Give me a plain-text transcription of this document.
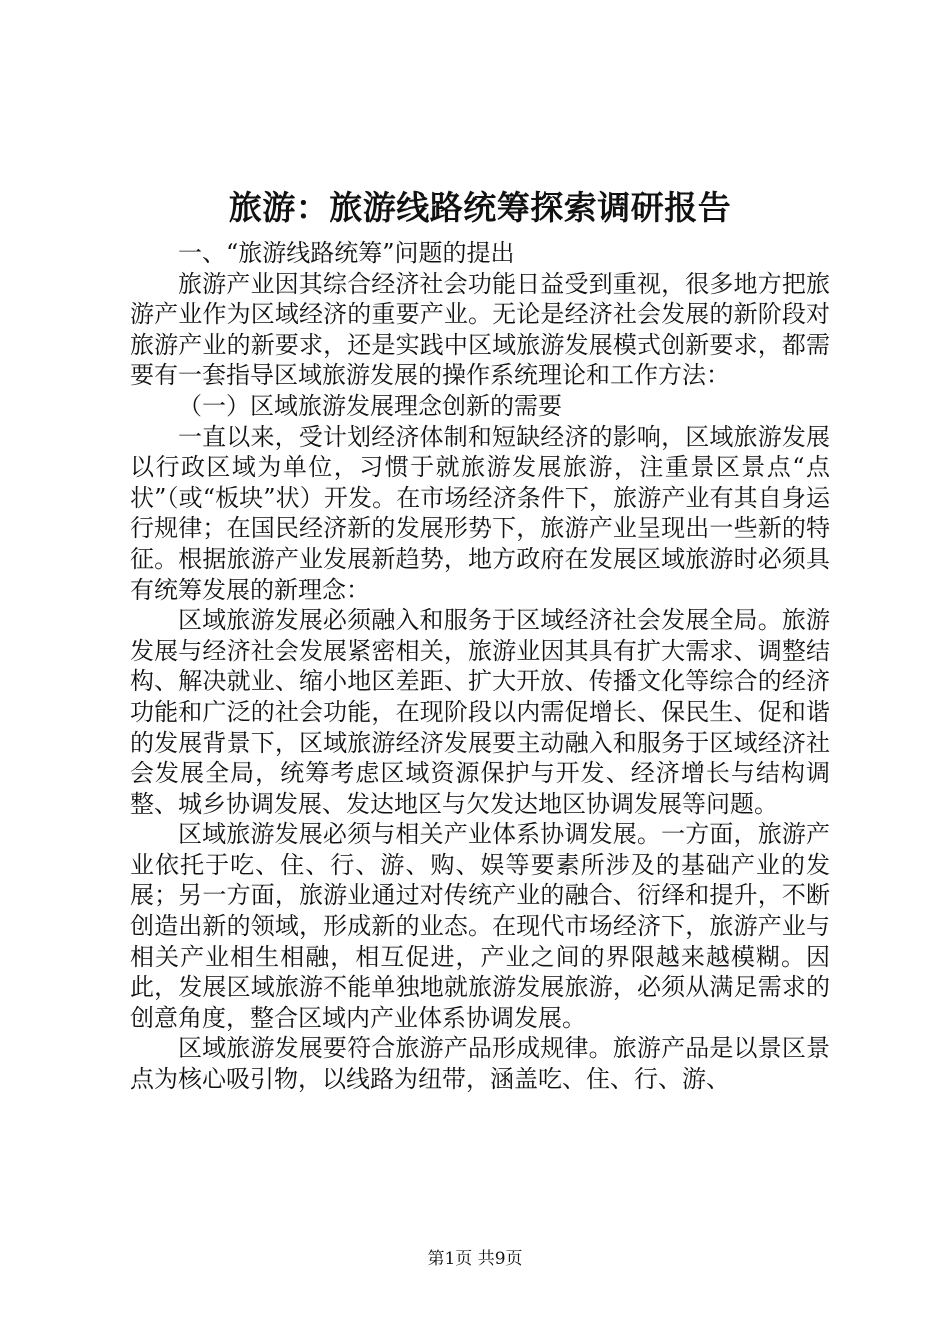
旅游：旅游线路统筹探索调研报告

一、“旅游线路统筹”问题的提出

旅游产业因其综合经济社会功能日益受到重视，很多地方把旅游产业作为区域经济的重要产业。无论是经济社会发展的新阶段对旅游产业的新要求，还是实践中区域旅游发展模式创新要求，都需要有一套指导区域旅游发展的操作系统理论和工作方法：

（一）区域旅游发展理念创新的需要

一直以来，受计划经济体制和短缺经济的影响，区域旅游发展以行政区域为单位，习惯于就旅游发展旅游，注重景区景点“点状”（或“板块”状）开发。在市场经济条件下，旅游产业有其自身运行规律；在国民经济新的发展形势下，旅游产业呈现出一些新的特征。根据旅游产业发展新趋势，地方政府在发展区域旅游时必须具有统筹发展的新理念：

区域旅游发展必须融入和服务于区域经济社会发展全局。旅游发展与经济社会发展紧密相关，旅游业因其具有扩大需求、调整结构、解决就业、缩小地区差距、扩大开放、传播文化等综合的经济功能和广泛的社会功能，在现阶段以内需促增长、保民生、促和谐的发展背景下，区域旅游经济发展要主动融入和服务于区域经济社会发展全局，统筹考虑区域资源保护与开发、经济增长与结构调整、城乡协调发展、发达地区与欠发达地区协调发展等问题。

区域旅游发展必须与相关产业体系协调发展。一方面，旅游产业依托于吃、住、行、游、购、娱等要素所涉及的基础产业的发展；另一方面，旅游业通过对传统产业的融合、衍绎和提升，不断创造出新的领域，形成新的业态。在现代市场经济下，旅游产业与相关产业相生相融，相互促进，产业之间的界限越来越模糊。因此，发展区域旅游不能单独地就旅游发展旅游，必须从满足需求的创意角度，整合区域内产业体系协调发展。

区域旅游发展要符合旅游产品形成规律。旅游产品是以景区景点为核心吸引物，以线路为纽带，涵盖吃、住、行、游、

第1页 共9页
